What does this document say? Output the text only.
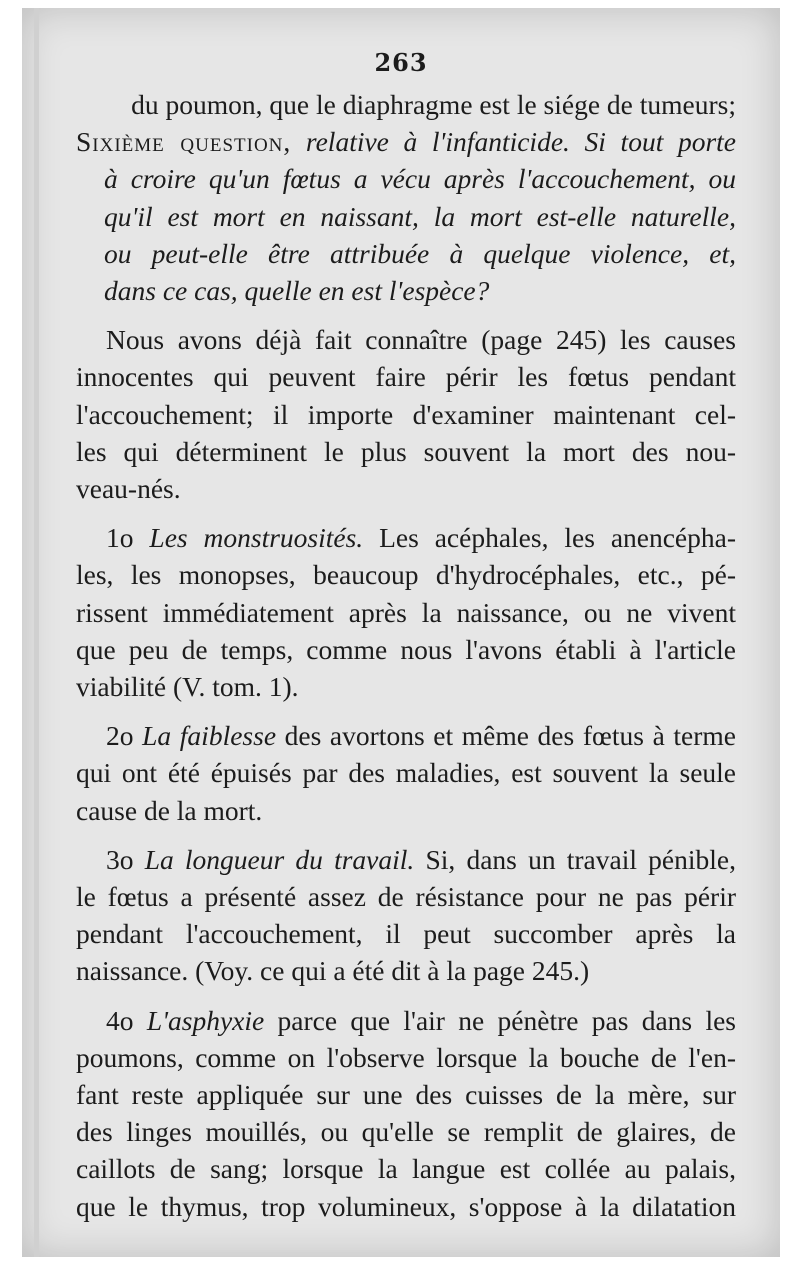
263
du poumon, que le diaphragme est le siége de tumeurs;
Sixième question, relative à l'infanticide. Si tout porte
à croire qu'un fœtus a vécu après l'accouchement, ou
qu'il est mort en naissant, la mort est-elle naturelle,
ou peut-elle être attribuée à quelque violence, et,
dans ce cas, quelle en est l'espèce?
Nous avons déjà fait connaître (page 245) les causes
innocentes qui peuvent faire périr les fœtus pendant
l'accouchement; il importe d'examiner maintenant cel-
les qui déterminent le plus souvent la mort des nou-
veau-nés.
1o Les monstruosités. Les acéphales, les anencépha-
les, les monopses, beaucoup d'hydrocéphales, etc., pé-
rissent immédiatement après la naissance, ou ne vivent
que peu de temps, comme nous l'avons établi à l'article
viabilité (V. tom. 1).
2o La faiblesse des avortons et même des fœtus à terme
qui ont été épuisés par des maladies, est souvent la seule
cause de la mort.
3o La longueur du travail. Si, dans un travail pénible,
le fœtus a présenté assez de résistance pour ne pas périr
pendant l'accouchement, il peut succomber après la
naissance. (Voy. ce qui a été dit à la page 245.)
4o L'asphyxie parce que l'air ne pénètre pas dans les
poumons, comme on l'observe lorsque la bouche de l'en-
fant reste appliquée sur une des cuisses de la mère, sur
des linges mouillés, ou qu'elle se remplit de glaires, de
caillots de sang; lorsque la langue est collée au palais,
que le thymus, trop volumineux, s'oppose à la dilatation
